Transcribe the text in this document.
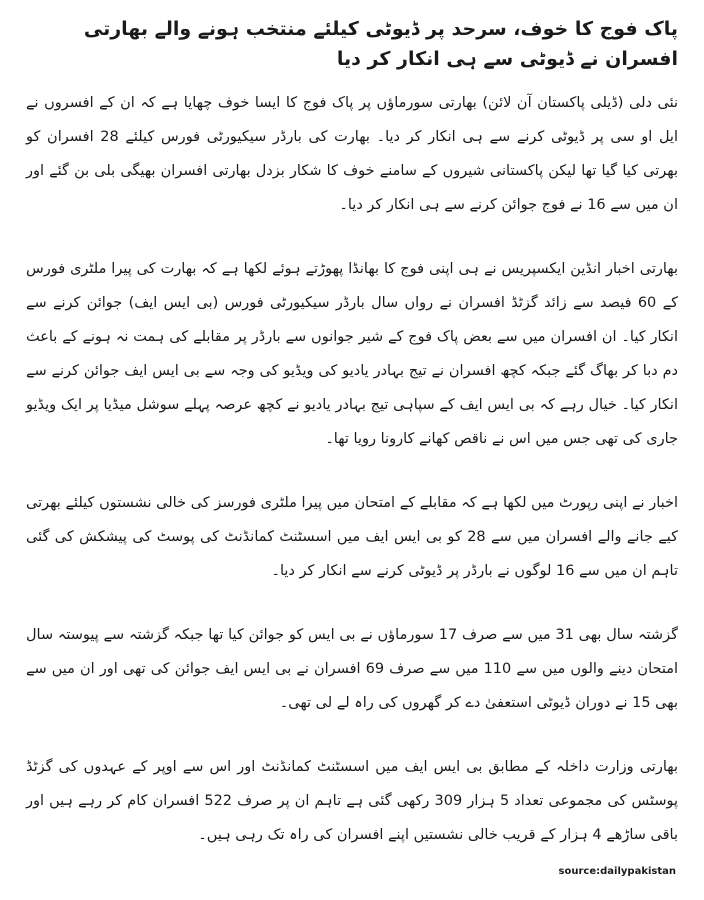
پاک فوج کا خوف، سرحد پر ڈیوٹی کیلئے منتخب ہونے والے بھارتی افسران نے ڈیوٹی سے ہی انکار کر دیا

نئی دلی (ڈیلی پاکستان آن لائن) بھارتی سورماؤں پر پاک فوج کا ایسا خوف چھایا ہے کہ ان کے افسروں نے ایل او سی پر ڈیوٹی کرنے سے ہی انکار کر دیا۔ بھارت کی بارڈر سیکیورٹی فورس کیلئے 28 افسران کو بھرتی کیا گیا تھا لیکن پاکستانی شیروں کے سامنے خوف کا شکار بزدل بھارتی افسران بھیگی بلی بن گئے اور ان میں سے 16 نے فوج جوائن کرنے سے ہی انکار کر دیا۔

بھارتی اخبار انڈین ایکسپریس نے ہی اپنی فوج کا بھانڈا پھوڑتے ہوئے لکھا ہے کہ بھارت کی پیرا ملٹری فورس کے 60 فیصد سے زائد گزٹڈ افسران نے رواں سال بارڈر سیکیورٹی فورس (بی ایس ایف) جوائن کرنے سے انکار کیا۔ ان افسران میں سے بعض پاک فوج کے شیر جوانوں سے بارڈر پر مقابلے کی ہمت نہ ہونے کے باعث دم دبا کر بھاگ گئے جبکہ کچھ افسران نے تیج بہادر یادیو کی ویڈیو کی وجہ سے بی ایس ایف جوائن کرنے سے انکار کیا۔ خیال رہے کہ بی ایس ایف کے سپاہی تیج بہادر یادیو نے کچھ عرصہ پہلے سوشل میڈیا پر ایک ویڈیو جاری کی تھی جس میں اس نے ناقص کھانے کارونا رویا تھا۔

اخبار نے اپنی رپورٹ میں لکھا ہے کہ مقابلے کے امتحان میں پیرا ملٹری فورسز کی خالی نشستوں کیلئے بھرتی کیے جانے والے افسران میں سے 28 کو بی ایس ایف میں اسسٹنٹ کمانڈنٹ کی پوسٹ کی پیشکش کی گئی تاہم ان میں سے 16 لوگوں نے بارڈر پر ڈیوٹی کرنے سے انکار کر دیا۔

گزشتہ سال بھی 31 میں سے صرف 17 سورماؤں نے بی ایس کو جوائن کیا تھا جبکہ گزشتہ سے پیوستہ سال امتحان دینے والوں میں سے 110 میں سے صرف 69 افسران نے بی ایس ایف جوائن کی تھی اور ان میں سے بھی 15 نے دوران ڈیوٹی استعفیٰ دے کر گھروں کی راہ لے لی تھی۔

بھارتی وزارت داخلہ کے مطابق بی ایس ایف میں اسسٹنٹ کمانڈنٹ اور اس سے اوپر کے عہدوں کی گزٹڈ پوسٹس کی مجموعی تعداد 5 ہزار 309 رکھی گئی ہے تاہم ان پر صرف 522 افسران کام کر رہے ہیں اور باقی ساڑھے 4 ہزار کے قریب خالی نشستیں اپنے افسران کی راہ تک رہی ہیں۔

source:dailypakistan
